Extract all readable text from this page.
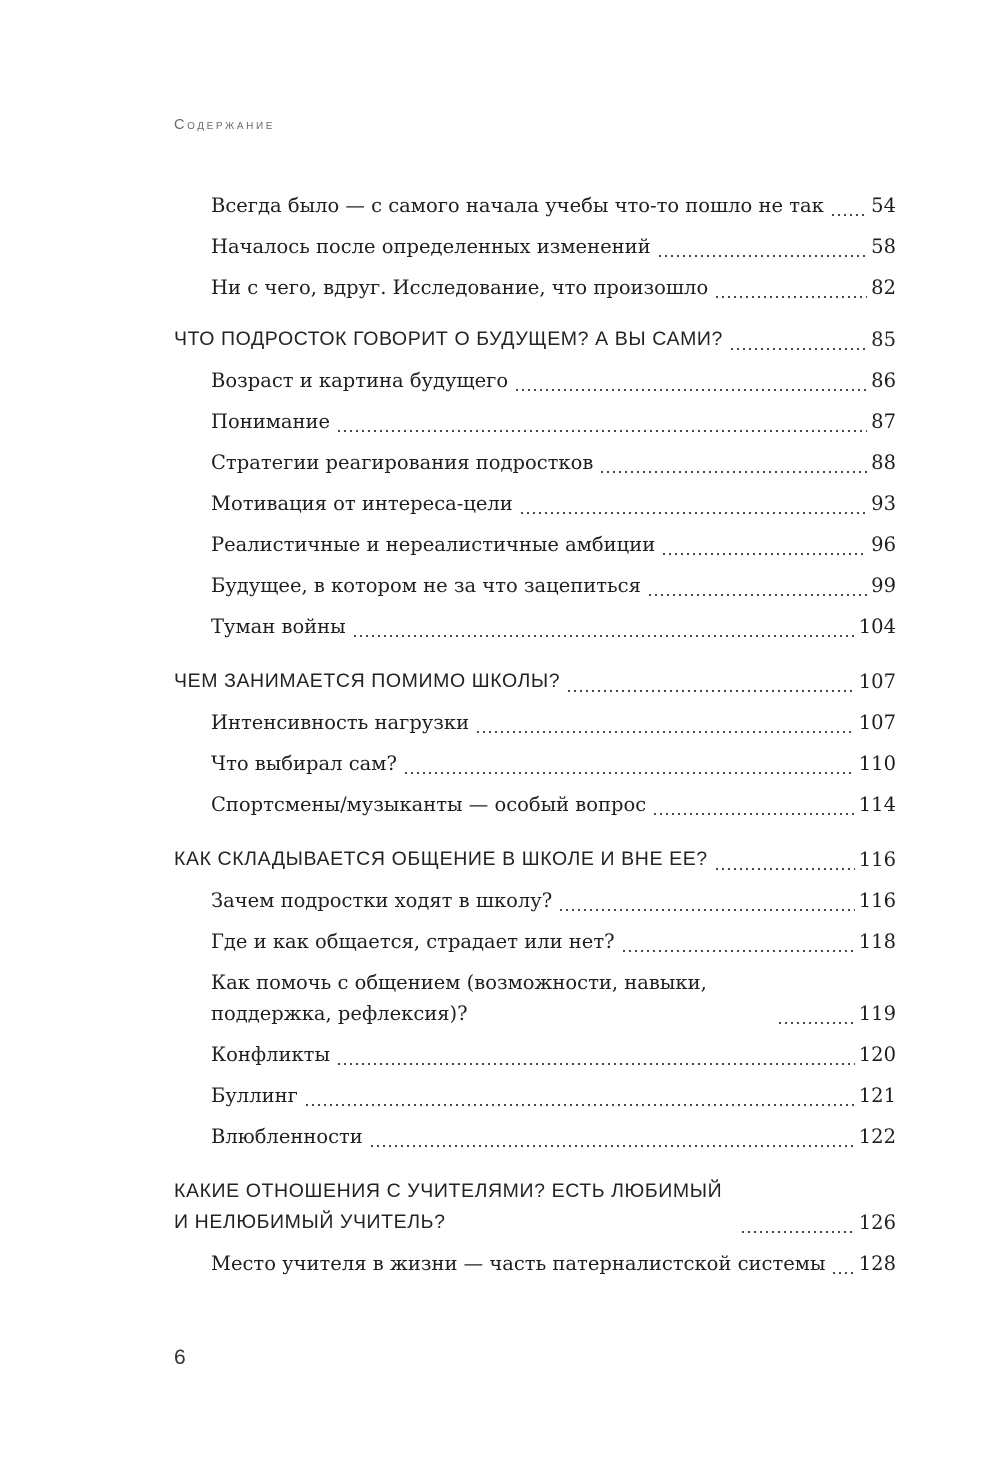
Содержание
Всегда было — с самого начала учебы что-то пошло не так	54
Началось после определенных изменений	58
Ни с чего, вдруг. Исследование, что произошло	82
ЧТО ПОДРОСТОК ГОВОРИТ О БУДУЩЕМ? А ВЫ САМИ?	85
Возраст и картина будущего	86
Понимание	87
Стратегии реагирования подростков	88
Мотивация от интереса-цели	93
Реалистичные и нереалистичные амбиции	96
Будущее, в котором не за что зацепиться	99
Туман войны	104
ЧЕМ ЗАНИМАЕТСЯ ПОМИМО ШКОЛЫ?	107
Интенсивность нагрузки	107
Что выбирал сам?	110
Спортсмены/музыканты — особый вопрос	114
КАК СКЛАДЫВАЕТСЯ ОБЩЕНИЕ В ШКОЛЕ И ВНЕ ЕЕ?	116
Зачем подростки ходят в школу?	116
Где и как общается, страдает или нет?	118
Как помочь с общением (возможности, навыки, поддержка, рефлексия)?	119
Конфликты	120
Буллинг	121
Влюбленности	122
КАКИЕ ОТНОШЕНИЯ С УЧИТЕЛЯМИ? ЕСТЬ ЛЮБИМЫЙ И НЕЛЮБИМЫЙ УЧИТЕЛЬ?	126
Место учителя в жизни — часть патерналистской системы	128
6
